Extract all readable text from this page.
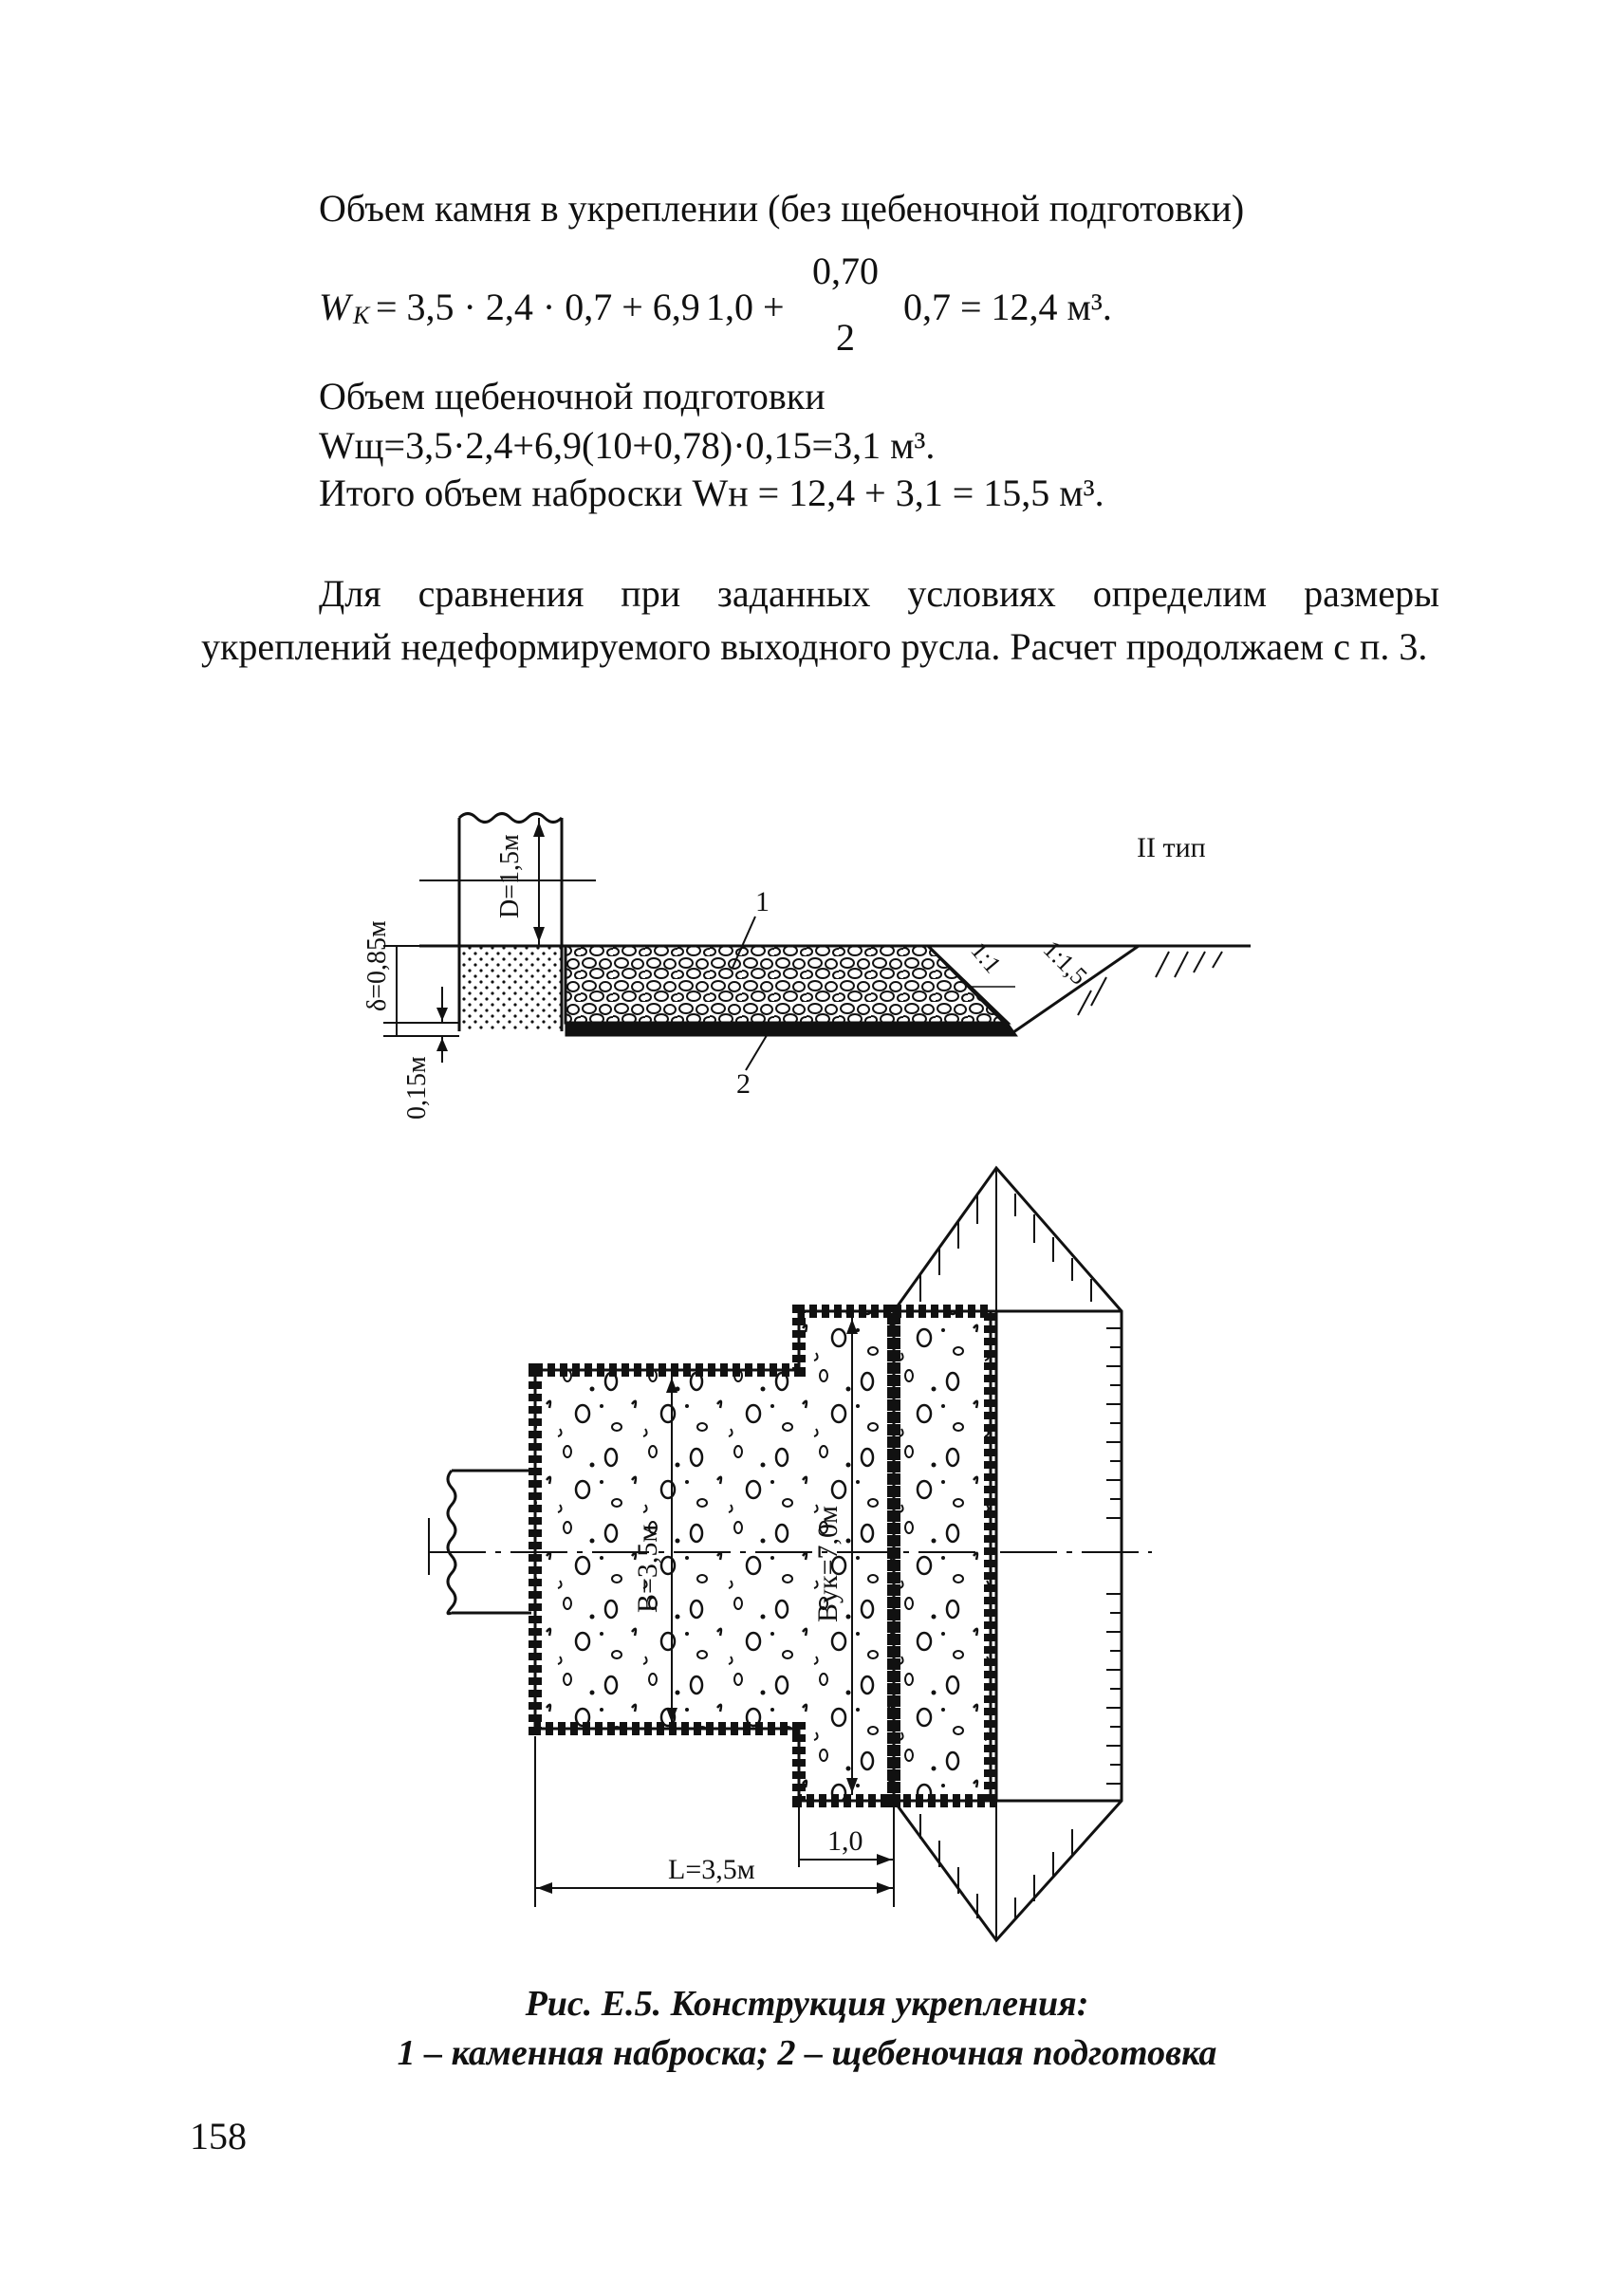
Объем камня в укреплении (без щебеночной подготовки)
W K = 3,5 · 2,4 · 0,7 + 6,9 1,0 +
0,70
2
0,7 = 12,4 м³.
Объем щебеночной подготовки
Wщ=3,5·2,4+6,9(10+0,78)·0,15=3,1 м³.
Итого объем наброски Wн = 12,4 + 3,1 = 15,5 м³.
Для сравнения при заданных условиях определим размеры укреплений недеформируемого выходного русла. Расчет продолжаем с п. 3.
II тип
D=1,5м
δ=0,85м
0,15м
1
2
1:1 1:1,5
B=3,5м	Bук=7,0м
L=3,5м
1,0
Рис. Е.5. Конструкция укрепления:
1 – каменная наброска; 2 – щебеночная подготовка
158
